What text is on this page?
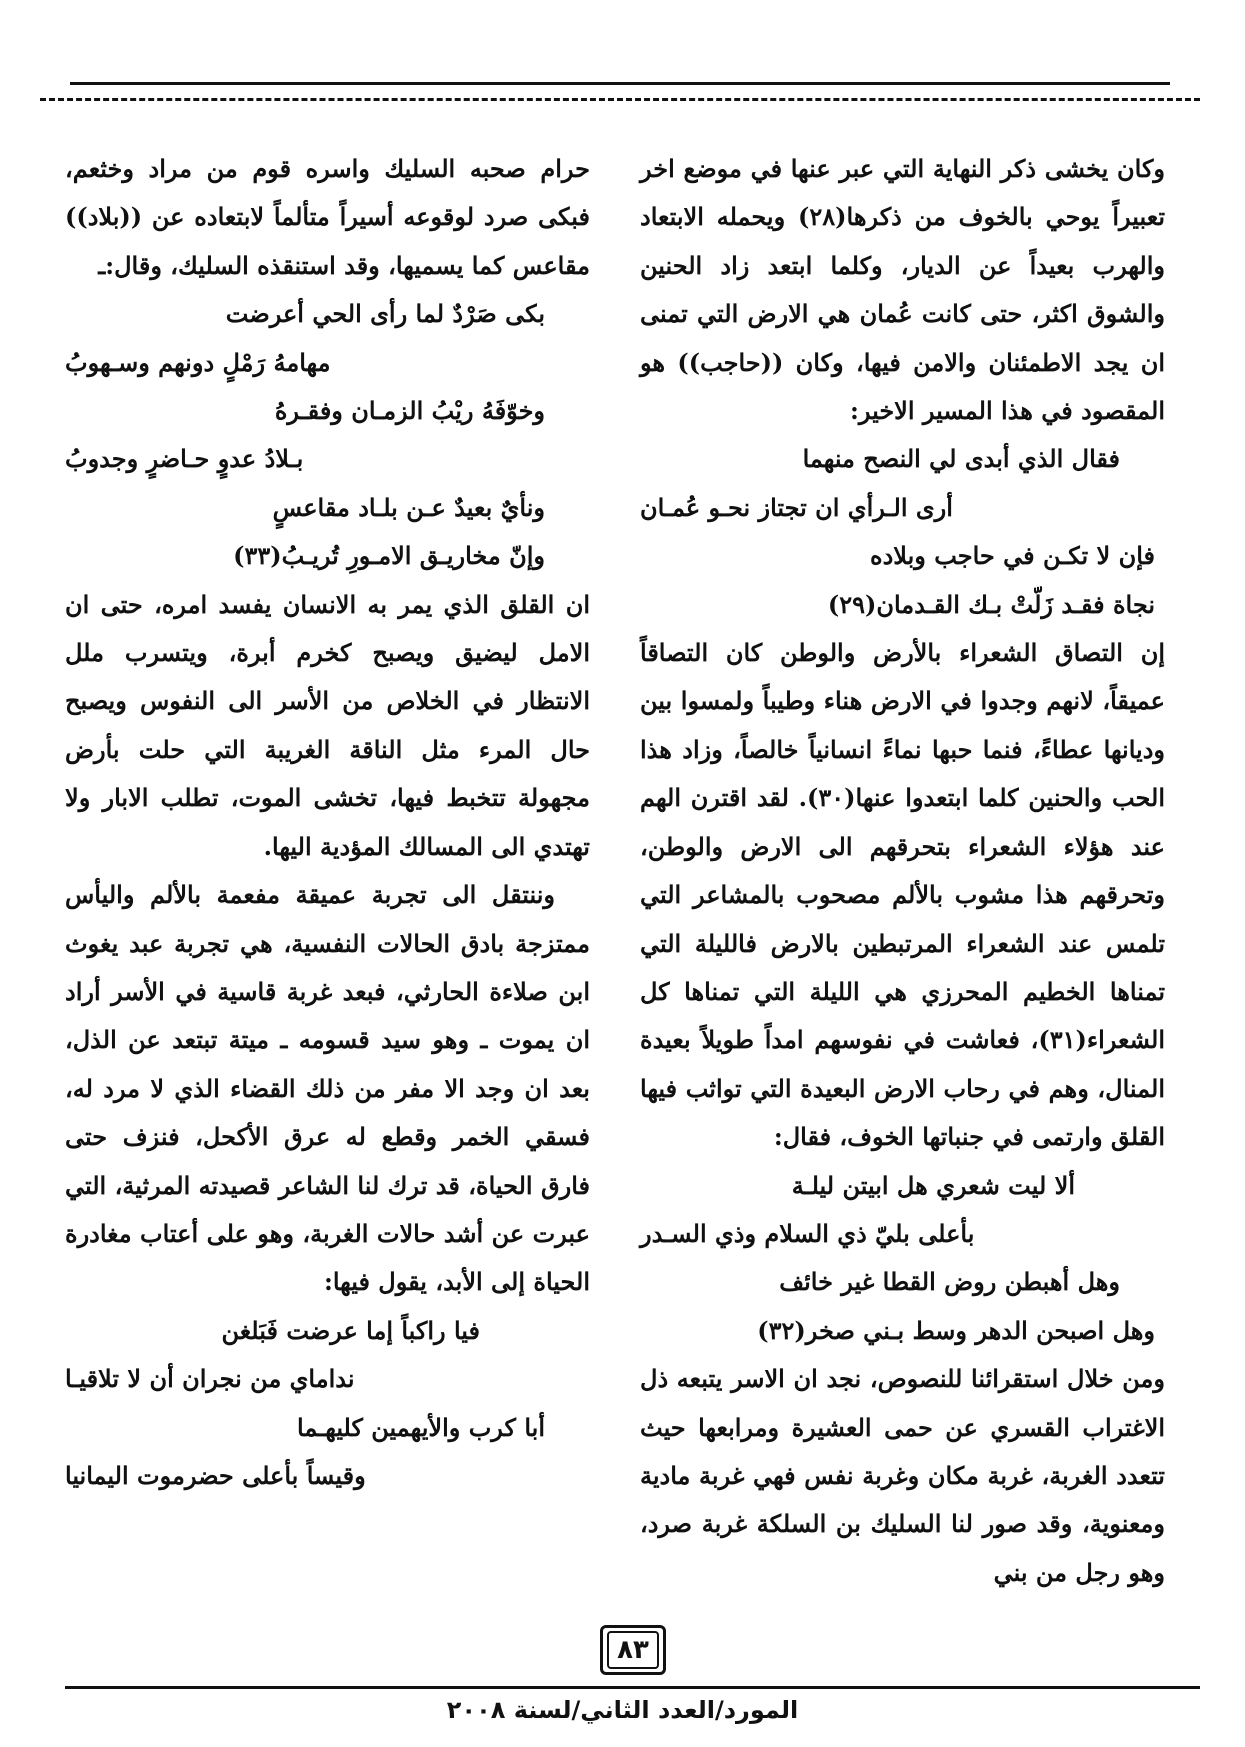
وكان يخشى ذكر النهاية التي عبر عنها في موضع اخر تعبيراً يوحي بالخوف من ذكرها(٢٨) ويحمله الابتعاد والهرب بعيداً عن الديار، وكلما ابتعد زاد الحنين والشوق اكثر، حتى كانت عُمان هي الارض التي تمنى ان يجد الاطمئنان والامن فيها، وكان ((حاجب)) هو المقصود في هذا المسير الاخير:
فقال الذي أبدى لي النصح منهما
أرى الـرأي ان تجتاز نحـو عُمـان
فإن لا تكـن في حاجب وبلاده
نجاة فقـد زَلّتْ بـك القـدمان(٢٩)
إن التصاق الشعراء بالأرض والوطن كان التصاقاً عميقاً، لانهم وجدوا في الارض هناء وطيباً ولمسوا بين وديانها عطاءً، فنما حبها نماءً انسانياً خالصاً، وزاد هذا الحب والحنين كلما ابتعدوا عنها(٣٠). لقد اقترن الهم عند هؤلاء الشعراء بتحرقهم الى الارض والوطن، وتحرقهم هذا مشوب بالألم مصحوب بالمشاعر التي تلمس عند الشعراء المرتبطين بالارض فالليلة التي تمناها الخطيم المحرزي هي الليلة التي تمناها كل الشعراء(٣١)، فعاشت في نفوسهم امداً طويلاً بعيدة المنال، وهم في رحاب الارض البعيدة التي تواثب فيها القلق وارتمى في جنباتها الخوف، فقال:
ألا ليت شعري هل ابيتن ليلـة
بأعلى بليّ ذي السلام وذي السـدر
وهل أهبطن روض القطا غير خائف
وهل اصبحن الدهر وسط بـني صخر(٣٢)
ومن خلال استقرائنا للنصوص، نجد ان الاسر يتبعه ذل الاغتراب القسري عن حمى العشيرة ومرابعها حيث تتعدد الغربة، غربة مكان وغربة نفس فهي غربة مادية ومعنوية، وقد صور لنا السليك بن السلكة غربة صرد، وهو رجل من بني
حرام صحبه السليك واسره قوم من مراد وخثعم، فبكى صرد لوقوعه أسيراً متألماً لابتعاده عن ((بلاد)) مقاعس كما يسميها، وقد استنقذه السليك، وقال:ـ
بكى صَرْدٌ لما رأى الحي أعرضت
مهامهُ رَمْلٍ دونهم وسـهوبُ
وخوّفَهُ ريْبُ الزمـان وفقـرهُ
بـلادُ عدوٍ حـاضرٍ وجدوبُ
ونأيٌ بعيدٌ عـن بلـاد مقاعسٍ
وإنّ مخاريـق الامـورِ تُريـبُ(٣٣)
ان القلق الذي يمر به الانسان يفسد امره، حتى ان الامل ليضيق ويصبح كخرم أبرة، ويتسرب ملل الانتظار في الخلاص من الأسر الى النفوس ويصبح حال المرء مثل الناقة الغريبة التي حلت بأرض مجهولة تتخبط فيها، تخشى الموت، تطلب الابار ولا تهتدي الى المسالك المؤدية اليها.
وننتقل الى تجربة عميقة مفعمة بالألم واليأس ممتزجة بادق الحالات النفسية، هي تجربة عبد يغوث ابن صلاءة الحارثي، فبعد غربة قاسية في الأسر أراد ان يموت ـ وهو سيد قسومه ـ ميتة تبتعد عن الذل، بعد ان وجد الا مفر من ذلك القضاء الذي لا مرد له، فسقي الخمر وقطع له عرق الأكحل، فنزف حتى فارق الحياة، قد ترك لنا الشاعر قصيدته المرثية، التي عبرت عن أشد حالات الغربة، وهو على أعتاب مغادرة الحياة إلى الأبد، يقول فيها:
فيا راكباً إما عرضت فَبَلغن
نداماي من نجران أن لا تلاقيـا
أبا كرب والأيهمين كليهـما
وقيساً بأعلى حضرموت اليمانيا
٨٣
المورد/العدد الثاني/لسنة ٢٠٠٨
